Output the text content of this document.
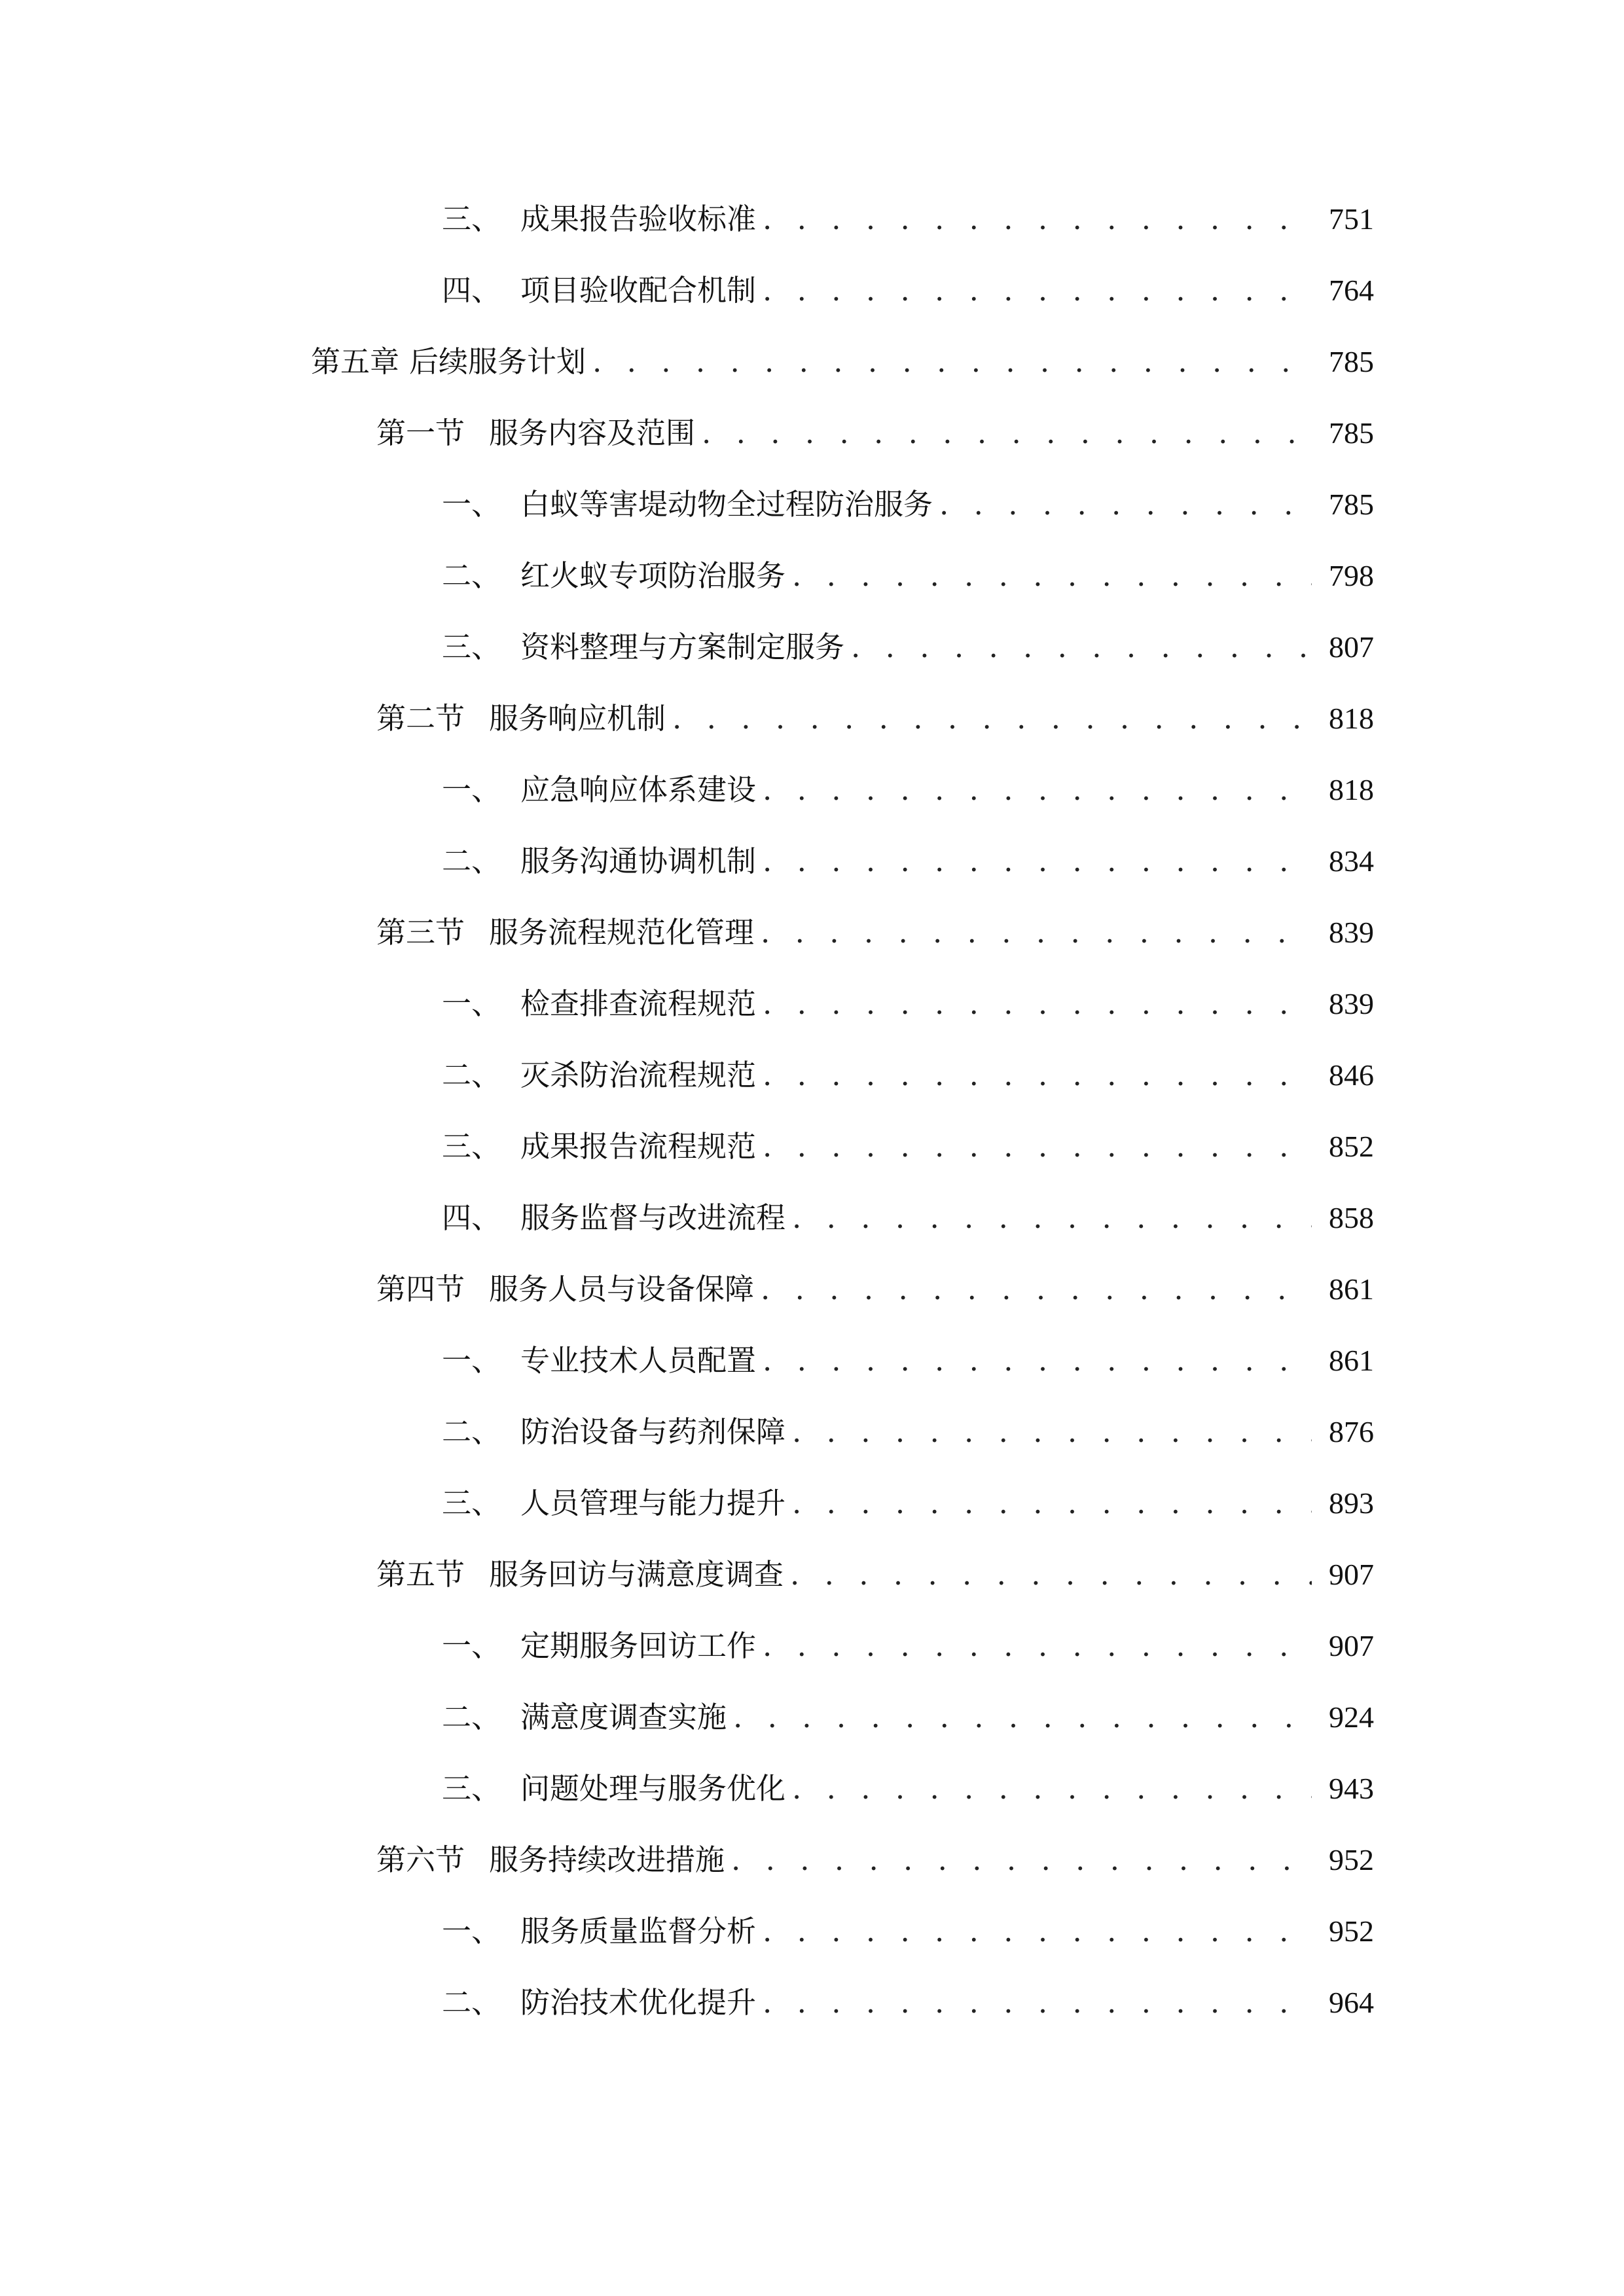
三、 成果报告验收标准 . . .	751
四、 项目验收配合机制 . . .	764
第五章 后续服务计划 . . .	785
第一节 服务内容及范围 . . .	785
一、 白蚁等害堤动物全过程防治服务 . . .	785
二、 红火蚁专项防治服务 . . .	798
三、 资料整理与方案制定服务 . . .	807
第二节 服务响应机制 . . .	818
一、 应急响应体系建设 . . .	818
二、 服务沟通协调机制 . . .	834
第三节 服务流程规范化管理 . . .	839
一、 检查排查流程规范 . . .	839
二、 灭杀防治流程规范 . . .	846
三、 成果报告流程规范 . . .	852
四、 服务监督与改进流程 . . .	858
第四节 服务人员与设备保障 . . .	861
一、 专业技术人员配置 . . .	861
二、 防治设备与药剂保障 . . .	876
三、 人员管理与能力提升 . . .	893
第五节 服务回访与满意度调查 . . .	907
一、 定期服务回访工作 . . .	907
二、 满意度调查实施 . . .	924
三、 问题处理与服务优化 . . .	943
第六节 服务持续改进措施 . . .	952
一、 服务质量监督分析 . . .	952
二、 防治技术优化提升 . . .	964
